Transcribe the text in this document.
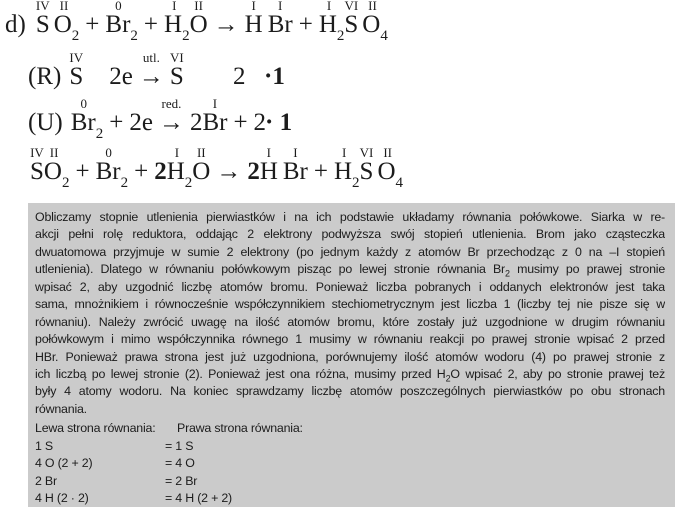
d)
IV
S
II
$O_2$ +
0
$Br_2$ +
I
$H_2$
II
O →
I
H
I
Br +
I
$H_2$
VI
S
II
$O_4$
(R)
IV
S 2e
utl.
→
VI
S 2 ·1
(U)
0
$Br_2 + 2e$
red.
→ 2
I
Br + 2
· 1
IV
S
II
$O_2$ +
0
$Br_2 + 2$
I
$H_2$
II
O → 2
I
H
I
Br +
I
$H_2$
VI
S
II
$O_4$
Obliczamy stopnie utlenienia pierwiastków i na ich podstawie układamy równania połówkowe. Siarka w re-
akcji pełni rolę reduktora, oddając 2 elektrony podwyższa swój stopień utlenienia. Brom jako cząsteczka
dwuatomowa przyjmuje w sumie 2 elektrony (po jednym każdy z atomów Br przechodząc z 0 na –I stopień
utlenienia). Dlatego w równaniu połówkowym pisząc po lewej stronie równania $Br_2$ musimy po prawej stronie
wpisać 2, aby uzgodnić liczbę atomów bromu. Ponieważ liczba pobranych i oddanych elektronów jest taka
sama, mnożnikiem i równocześnie współczynnikiem stechiometrycznym jest liczba 1 (liczby tej nie pisze się w
równaniu). Należy zwrócić uwagę na ilość atomów bromu, które zostały już uzgodnione w drugim równaniu
połówkowym i mimo współczynnika równego 1 musimy w równaniu reakcji po prawej stronie wpisać 2 przed
HBr. Ponieważ prawa strona jest już uzgodniona, porównujemy ilość atomów wodoru (4) po prawej stronie z
ich liczbą po lewej stronie (2). Ponieważ jest ona różna, musimy przed $H_2O$ wpisać 2, aby po stronie prawej też
były 4 atomy wodoru. Na koniec sprawdzamy liczbę atomów poszczególnych pierwiastków po obu stronach
równania.
Lewa strona równania: Prawa strona równania:
1 S	= 1 S
4 O (2 + 2)	= 4 O
2 Br	= 2 Br
4 H (2 · 2)	= 4 H (2 + 2)
